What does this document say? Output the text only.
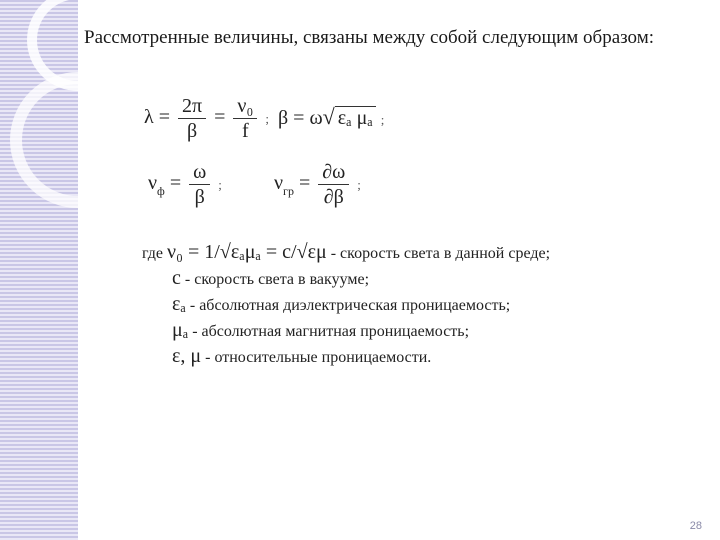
Рассмотренные величины, связаны между собой следующим образом:
$\lambda = \frac{2\pi}{\beta} = \frac{\text{ν₀}}{f}$ ; β = ω√ εₐ μₐ ;
$\nu_ф = \frac{\omega}{\beta}$ ;	$\nu_{гр} = \frac{\partial\omega}{\partial\beta}$ ;
где ν₀ = 1/√εₐμₐ = c/√εμ - скорость света в данной среде;
c - скорость света в вакууме;
εₐ - абсолютная диэлектрическая проницаемость;
μₐ - абсолютная магнитная проницаемость;
ε, μ - относительные проницаемости.
28
